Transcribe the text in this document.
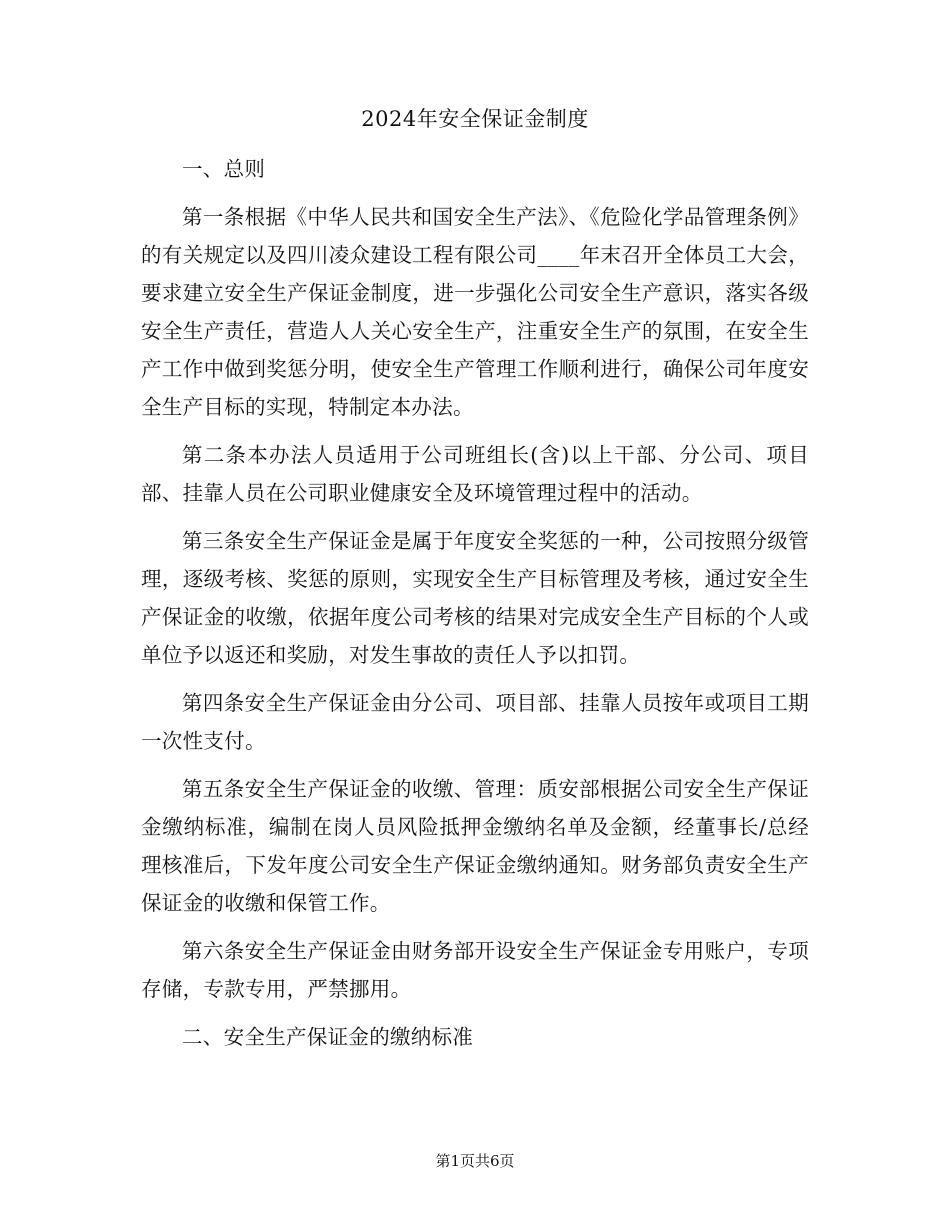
2024年安全保证金制度

一、总则

第一条根据《中华人民共和国安全生产法》、《危险化学品管理条例》的有关规定以及四川凌众建设工程有限公司____年末召开全体员工大会，要求建立安全生产保证金制度，进一步强化公司安全生产意识，落实各级安全生产责任，营造人人关心安全生产，注重安全生产的氛围，在安全生产工作中做到奖惩分明，使安全生产管理工作顺利进行，确保公司年度安全生产目标的实现，特制定本办法。

第二条本办法人员适用于公司班组长(含)以上干部、分公司、项目部、挂靠人员在公司职业健康安全及环境管理过程中的活动。

第三条安全生产保证金是属于年度安全奖惩的一种，公司按照分级管理，逐级考核、奖惩的原则，实现安全生产目标管理及考核，通过安全生产保证金的收缴，依据年度公司考核的结果对完成安全生产目标的个人或单位予以返还和奖励，对发生事故的责任人予以扣罚。

第四条安全生产保证金由分公司、项目部、挂靠人员按年或项目工期一次性支付。

第五条安全生产保证金的收缴、管理：质安部根据公司安全生产保证金缴纳标准，编制在岗人员风险抵押金缴纳名单及金额，经董事长/总经理核准后，下发年度公司安全生产保证金缴纳通知。财务部负责安全生产保证金的收缴和保管工作。

第六条安全生产保证金由财务部开设安全生产保证金专用账户，专项存储，专款专用，严禁挪用。

二、安全生产保证金的缴纳标准

第1页共6页
